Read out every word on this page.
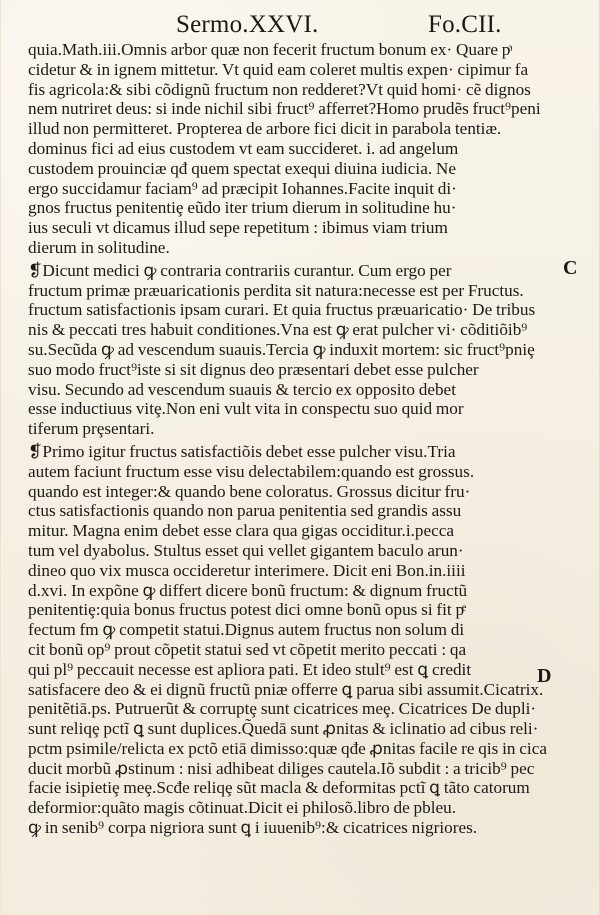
Sermo.XXVI.	Fo.CII.
quia.Math.iii.Omnis arbor quæ non fecerit fructum bonum ex· Quare pͣ
cidetur & in ignem mittetur. Vt quid eam coleret multis expen· cipimur fa
fis agricola:& sibi cõdignũ fructum non redderet?Vt quid homi· cẽ dignos
nem nutriret deus: si inde nichil sibi fruct⁹ afferret?Homo prudẽs fruct⁹peni
illud non permitteret. Propterea de arbore fici dicit in parabola tentiæ.
dominus fici ad eius custodem vt eam succideret. i. ad angelum
custodem prouinciæ qđ quem spectat exequi diuina iudicia. Ne
ergo succidamur faciam⁹ ad præcipit Iohannes.Facite inquit di·
gnos fructus penitentiȩ eũdo iter trium dierum in solitudine hu·
ius seculi vt dicamus illud sepe repetitum : ibimus viam trium
dierum in solitudine.
❡Dicunt medici ꝙ contraria contrariis curantur. Cum ergo per
fructum primæ præuaricationis perdita sit natura:necesse est per Fructus.
fructum satisfactionis ipsam curari. Et quia fructus præuaricatio· De tribus
nis & peccati tres habuit conditiones.Vna est ꝙ erat pulcher vi· cõditiõib⁹
su.Secũda ꝙ ad vescendum suauis.Tercia ꝙ induxit mortem: sic fruct⁹pniȩ
suo modo fruct⁹iste si sit dignus deo præsentari debet esse pulcher
visu. Secundo ad vescendum suauis & tercio ex opposito debet
esse inductiuus vitȩ.Non eni vult vita in conspectu suo quid mor
tiferum prȩsentari.
❡Primo igitur fructus satisfactiõis debet esse pulcher visu.Tria
autem faciunt fructum esse visu delectabilem:quando est grossus.
quando est integer:& quando bene coloratus. Grossus dicitur fru·
ctus satisfactionis quando non parua penitentia sed grandis assu
mitur. Magna enim debet esse clara qua gigas occiditur.i.pecca
tum vel dyabolus. Stultus esset qui vellet gigantem baculo arun·
dineo quo vix musca occideretur interimere. Dicit eni Bon.in.iiii
d.xvi. In expõne ꝙ differt dicere bonũ fructum: & dignum fructũ
penitentiȩ:quia bonus fructus potest dici omne bonũ opus si fit pͤ
fectum fm ꝙ competit statui.Dignus autem fructus non solum di
cit bonũ op⁹ prout cõpetit statui sed vt cõpetit merito peccati : qa
qui pl⁹ peccauit necesse est apliora pati. Et ideo stult⁹ est ꝗ credit
satisfacere deo & ei dignũ fructũ pniæ offerre ꝗ parua sibi assumit.Cicatrix.
penitẽtiā.ps. Putruerũt & corruptȩ sunt cicatrices meȩ. Cicatrices De dupli·
sunt reliqȩ pctĩ ꝗ sunt duplices.Q̃uedā sunt ꝓnitas & iclinatio ad cibus reli·
pctm psimile/relicta ex pctõ etiā dimisso:quæ qđe ꝓnitas facile re qis in cica
ducit morbũ ꝓstinum : nisi adhibeat diliges cautela.Iõ subdit : a tricib⁹ pec
facie isipietiȩ meȩ.Scđe reliqȩ sũt macla & deformitas pctĩ ꝗ tãto catorum
deformior:quãto magis cõtinuat.Dicit ei philosõ.libro de pbleu.
ꝙ in senib⁹ corpa nigriora sunt ꝗ i iuuenib⁹:& cicatrices nigriores.
C
D
